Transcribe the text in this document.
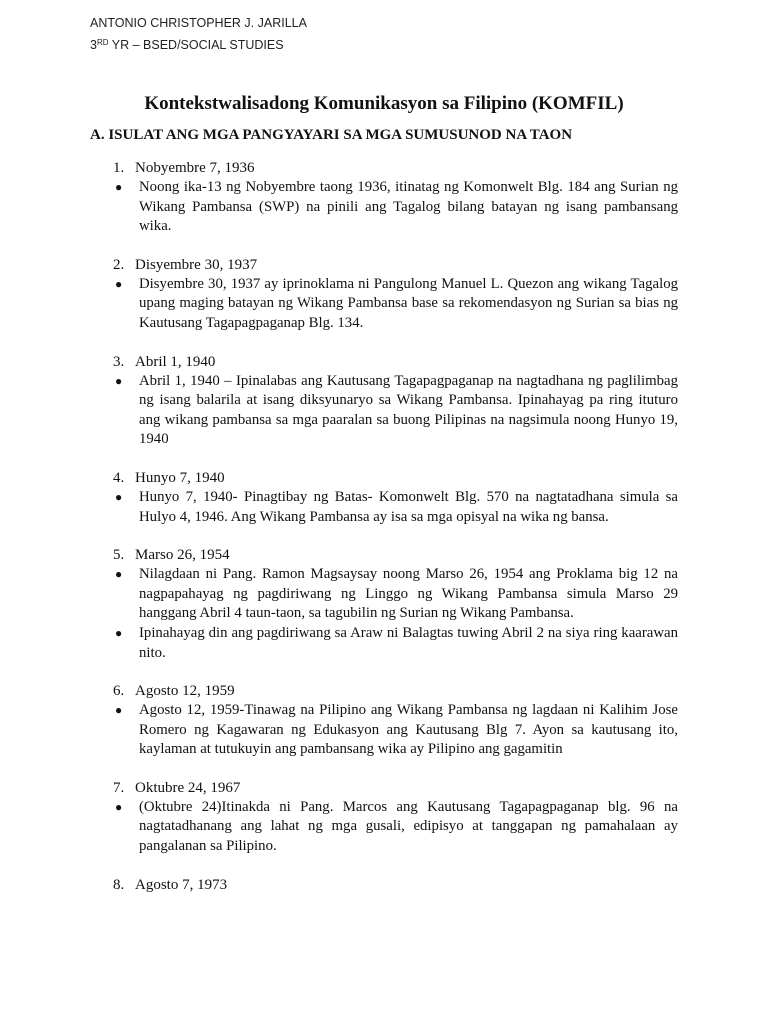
ANTONIO CHRISTOPHER J. JARILLA
3RD YR – BSED/SOCIAL STUDIES
Kontekstwalisadong Komunikasyon sa Filipino (KOMFIL)
A. ISULAT ANG MGA PANGYAYARI SA MGA SUMUSUNOD NA TAON
1. Nobyembre 7, 1936
● Noong ika-13 ng Nobyembre taong 1936, itinatag ng Komonwelt Blg. 184 ang Surian ng Wikang Pambansa (SWP) na pinili ang Tagalog bilang batayan ng isang pambansang wika.
2. Disyembre 30, 1937
● Disyembre 30, 1937 ay iprinoklama ni Pangulong Manuel L. Quezon ang wikang Tagalog upang maging batayan ng Wikang Pambansa base sa rekomendasyon ng Surian sa bias ng Kautusang Tagapagpaganap Blg. 134.
3. Abril 1, 1940
● Abril 1, 1940 – Ipinalabas ang Kautusang Tagapagpaganap na nagtadhana ng paglilimbag ng isang balarila at isang diksyunaryo sa Wikang Pambansa. Ipinahayag pa ring ituturo ang wikang pambansa sa mga paaralan sa buong Pilipinas na nagsimula noong Hunyo 19, 1940
4. Hunyo 7, 1940
● Hunyo 7, 1940- Pinagtibay ng Batas- Komonwelt Blg. 570 na nagtatadhana simula sa Hulyo 4, 1946. Ang Wikang Pambansa ay isa sa mga opisyal na wika ng bansa.
5. Marso 26, 1954
● Nilagdaan ni Pang. Ramon Magsaysay noong Marso 26, 1954 ang Proklama big 12 na nagpapahayag ng pagdiriwang ng Linggo ng Wikang Pambansa simula Marso 29 hanggang Abril 4 taun-taon, sa tagubilin ng Surian ng Wikang Pambansa.
● Ipinahayag din ang pagdiriwang sa Araw ni Balagtas tuwing Abril 2 na siya ring kaarawan nito.
6. Agosto 12, 1959
● Agosto 12, 1959-Tinawag na Pilipino ang Wikang Pambansa ng lagdaan ni Kalihim Jose Romero ng Kagawaran ng Edukasyon ang Kautusang Blg 7. Ayon sa kautusang ito, kaylaman at tutukuyin ang pambansang wika ay Pilipino ang gagamitin
7. Oktubre 24, 1967
● (Oktubre 24)Itinakda ni Pang. Marcos ang Kautusang Tagapagpaganap blg. 96 na nagtatadhanang ang lahat ng mga gusali, edipisyo at tanggapan ng pamahalaan ay pangalanan sa Pilipino.
8. Agosto 7, 1973
